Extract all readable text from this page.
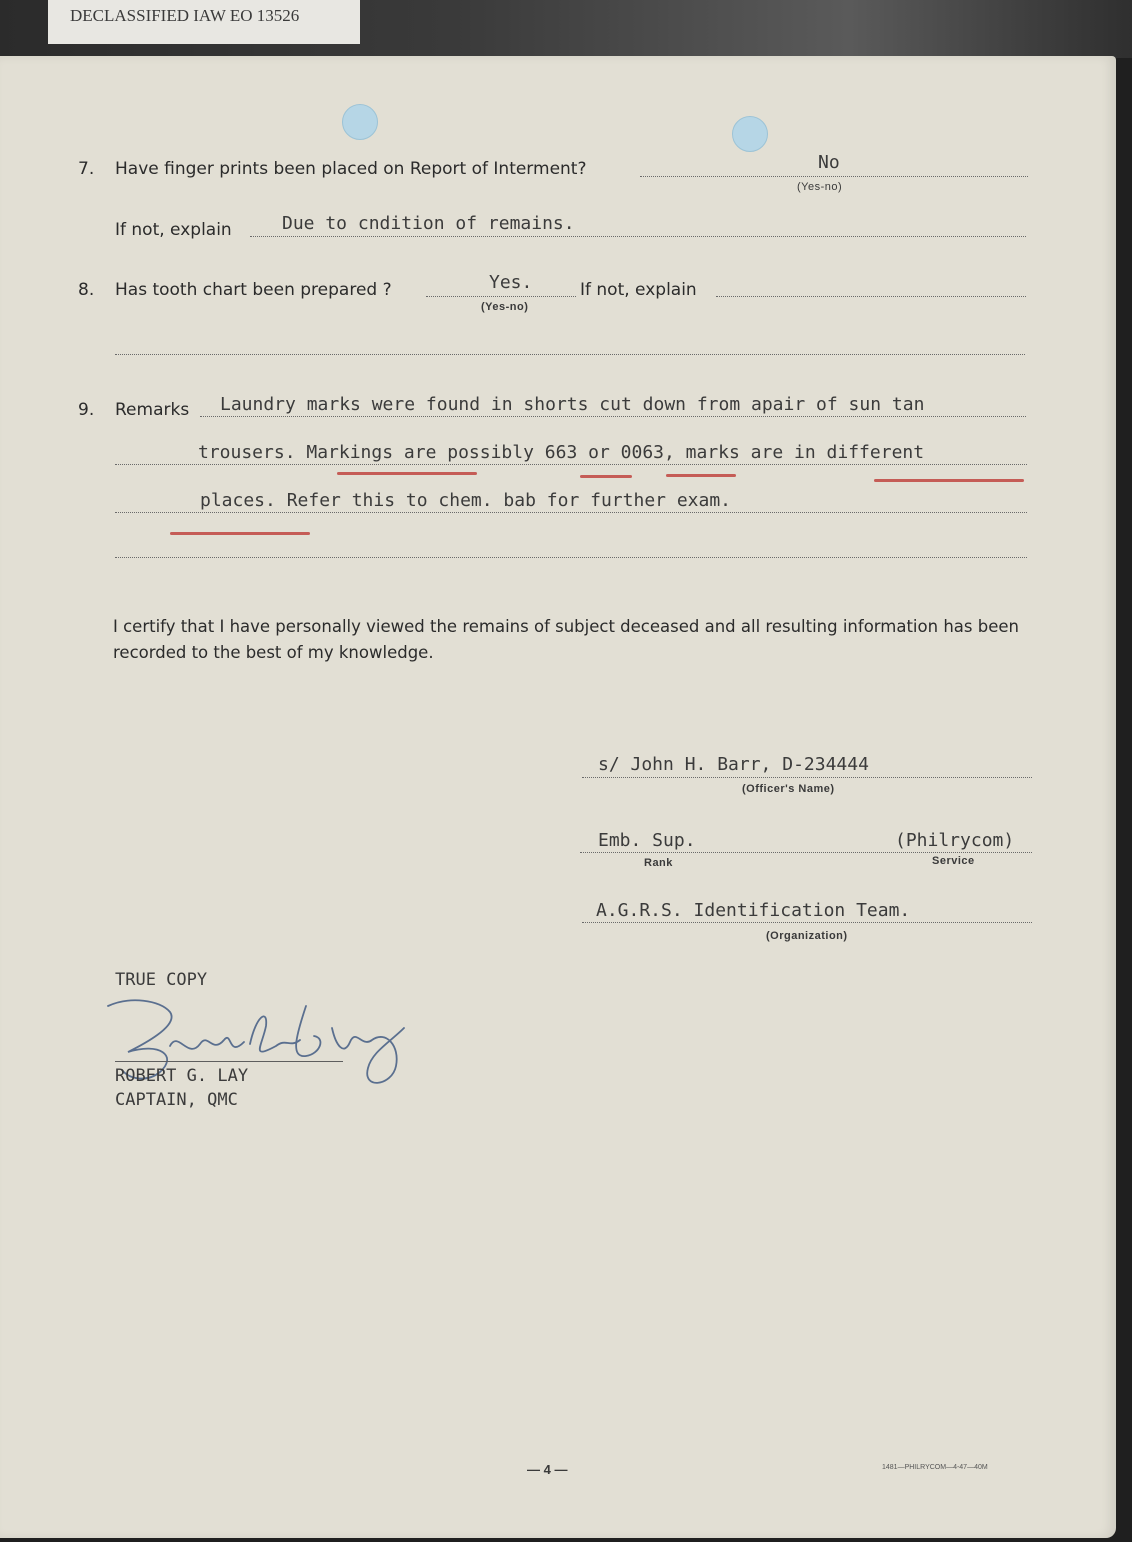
7. Have finger prints been placed on Report of Interment?	No
(Yes-no)
If not, explain	Due to cndition of remains.
8. Has tooth chart been prepared ?	Yes.
(Yes-no)
If not, explain
9. Remarks Laundry marks were found in shorts cut down from apair of sun tan
trousers. Markings are possibly 663 or 0063, marks are in different
places. Refer this to chem. bab for further exam.
I certify that I have personally viewed the remains of subject deceased and all resulting information has been recorded to the best of my knowledge.
s/ John H. Barr, D-234444
(Officer's Name)
Emb. Sup.	(Philrycom)
Rank	Service
A.G.R.S. Identification Team.
(Organization)
TRUE COPY
ROBERT G. LAY
CAPTAIN, QMC
— 4 —	1481—PHILRYCOM—4-47—40M
DECLASSIFIED IAW EO 13526
